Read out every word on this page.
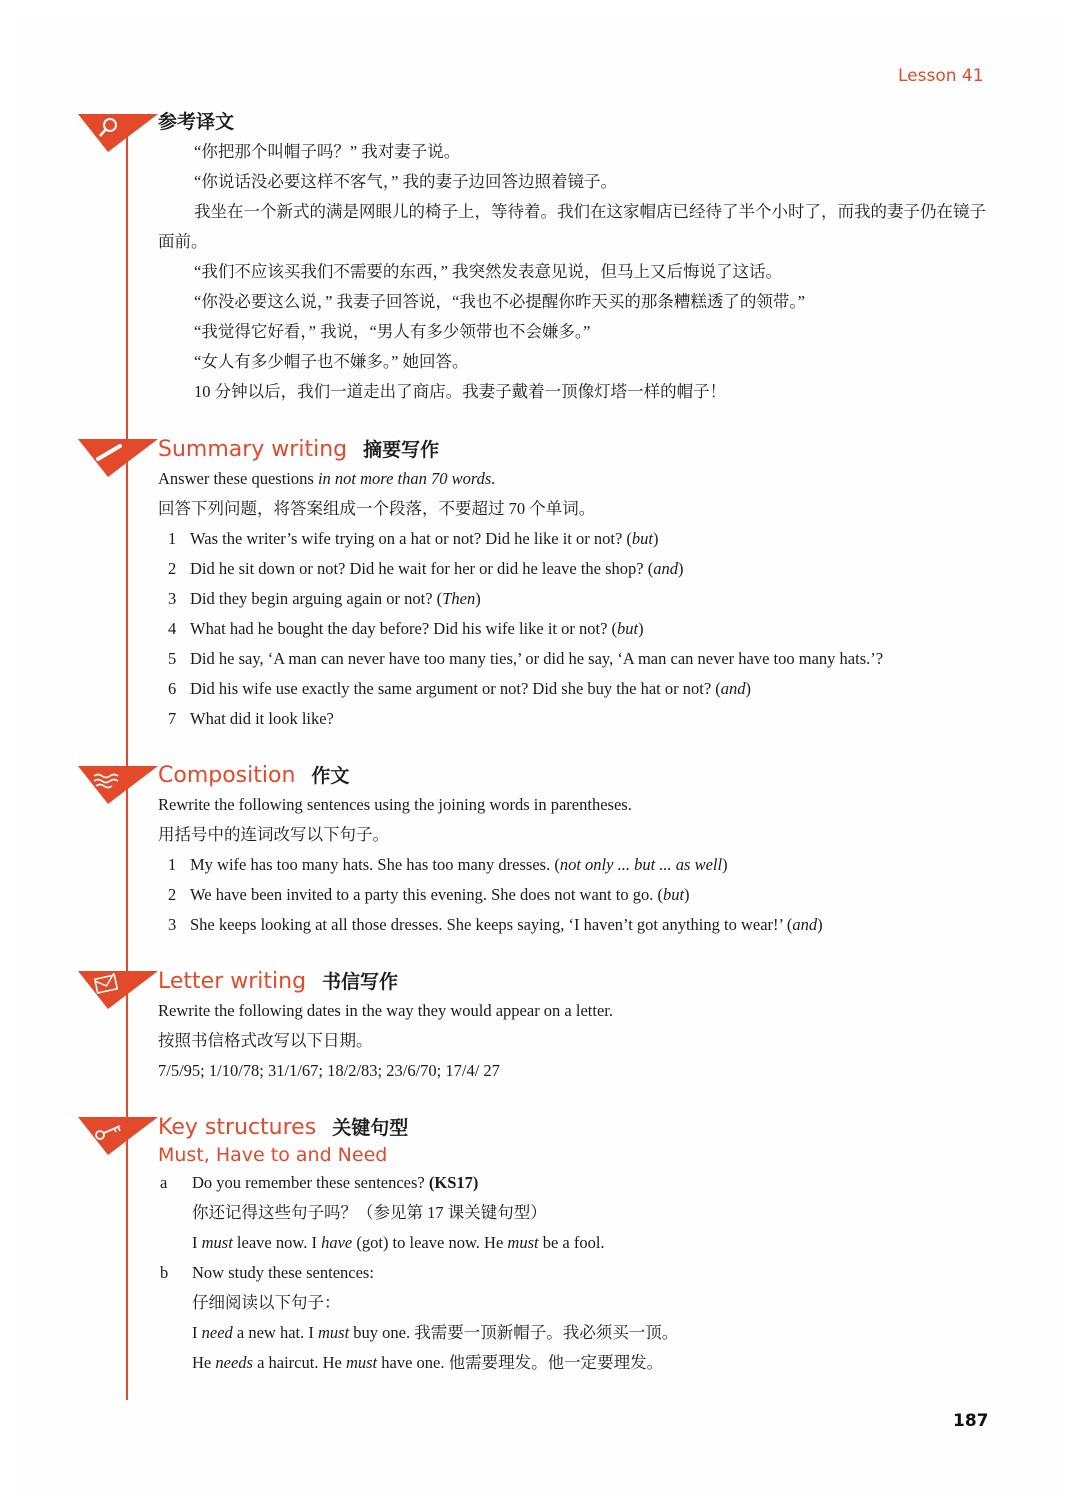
Lesson 41
参考译文
“你把那个叫帽子吗？” 我对妻子说。
“你说话没必要这样不客气，” 我的妻子边回答边照着镜子。
我坐在一个新式的满是网眼儿的椅子上，等待着。我们在这家帽店已经待了半个小时了，而我的妻子仍在镜子面前。
“我们不应该买我们不需要的东西，” 我突然发表意见说，但马上又后悔说了这话。
“你没必要这么说，” 我妻子回答说，“我也不必提醒你昨天买的那条糟糕透了的领带。”
“我觉得它好看，” 我说，“男人有多少领带也不会嫌多。”
“女人有多少帽子也不嫌多。” 她回答。
10 分钟以后，我们一道走出了商店。我妻子戴着一顶像灯塔一样的帽子！
Summary writing 摘要写作
Answer these questions in not more than 70 words.
回答下列问题，将答案组成一个段落，不要超过 70 个单词。
1 Was the writer’s wife trying on a hat or not? Did he like it or not? (but)
2 Did he sit down or not? Did he wait for her or did he leave the shop? (and)
3 Did they begin arguing again or not? (Then)
4 What had he bought the day before? Did his wife like it or not? (but)
5 Did he say, ‘A man can never have too many ties,’ or did he say, ‘A man can never have too many hats.’?
6 Did his wife use exactly the same argument or not? Did she buy the hat or not? (and)
7 What did it look like?
Composition 作文
Rewrite the following sentences using the joining words in parentheses.
用括号中的连词改写以下句子。
1 My wife has too many hats. She has too many dresses. (not only ... but ... as well)
2 We have been invited to a party this evening. She does not want to go. (but)
3 She keeps looking at all those dresses. She keeps saying, ‘I haven’t got anything to wear!’ (and)
Letter writing 书信写作
Rewrite the following dates in the way they would appear on a letter.
按照书信格式改写以下日期。
7/5/95; 1/10/78; 31/1/67; 18/2/83; 23/6/70; 17/4/ 27
Key structures 关键句型
Must, Have to and Need
a Do you remember these sentences? (KS17)
你还记得这些句子吗？（参见第 17 课关键句型）
I must leave now. I have (got) to leave now. He must be a fool.
b Now study these sentences:
仔细阅读以下句子：
I need a new hat. I must buy one. 我需要一顶新帽子。我必须买一顶。
He needs a haircut. He must have one. 他需要理发。他一定要理发。
187
